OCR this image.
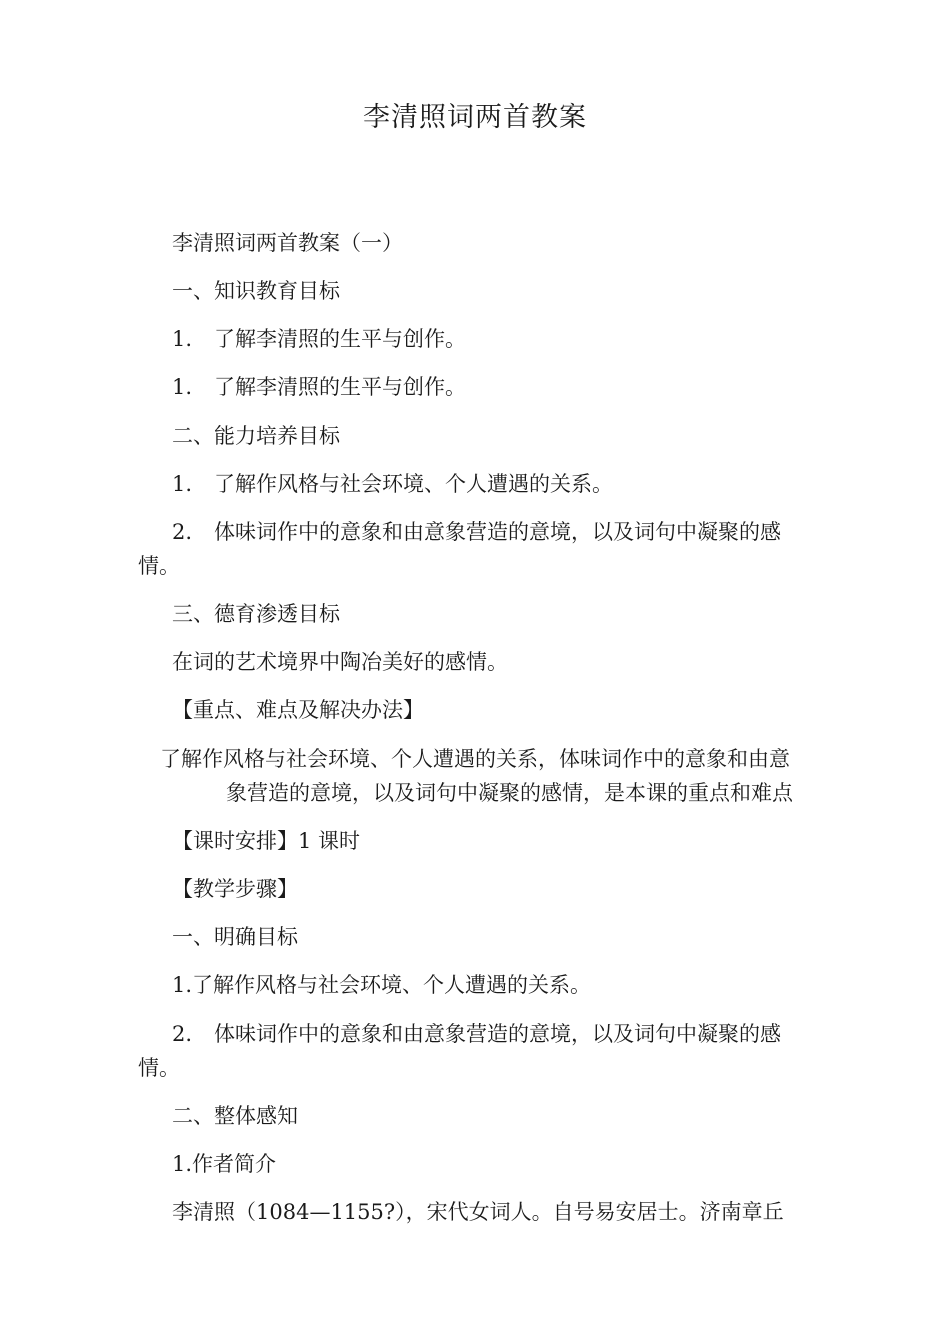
李清照词两首教案

李清照词两首教案（一）

一、知识教育目标

1. 了解李清照的生平与创作。

1. 了解李清照的生平与创作。

二、能力培养目标

1. 了解作风格与社会环境、个人遭遇的关系。

2. 体味词作中的意象和由意象营造的意境，以及词句中凝聚的感

情。

三、德育渗透目标

在词的艺术境界中陶冶美好的感情。

【重点、难点及解决办法】

了解作风格与社会环境、个人遭遇的关系，体味词作中的意象和由意

象营造的意境，以及词句中凝聚的感情，是本课的重点和难点

【课时安排】1 课时

【教学步骤】

一、明确目标

1.了解作风格与社会环境、个人遭遇的关系。

2. 体味词作中的意象和由意象营造的意境，以及词句中凝聚的感

情。

二、整体感知

1.作者简介

李清照（1084—1155?），宋代女词人。自号易安居士。济南章丘
